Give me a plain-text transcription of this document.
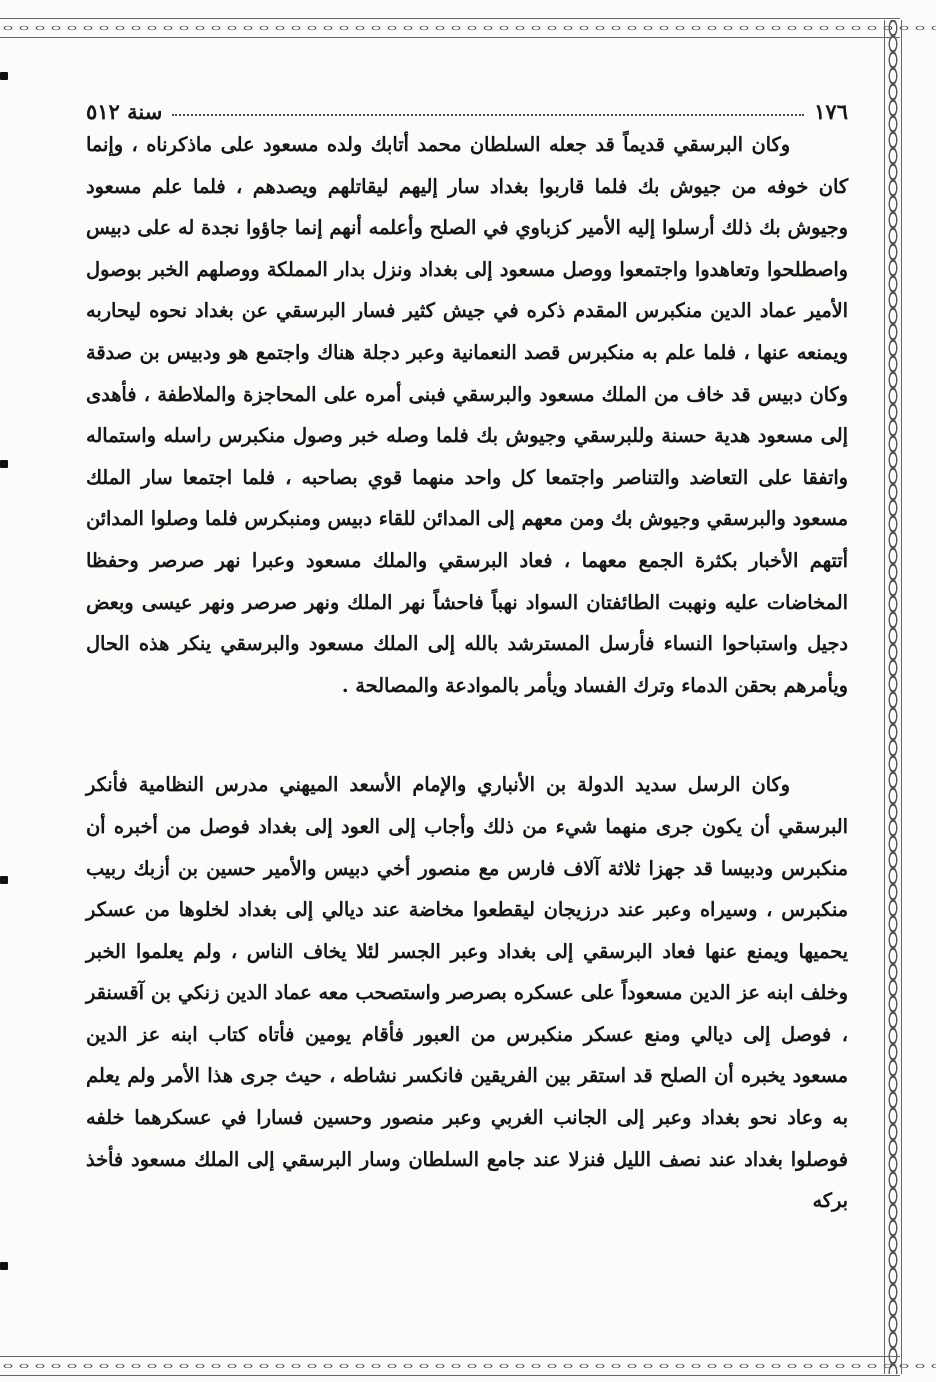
١٧٦
سنة ٥١٢

وكان البرسقي قديماً قد جعله السلطان محمد أتابك ولده مسعود على ماذكرناه ، وإنما كان خوفه من جيوش بك فلما قاربوا بغداد سار إليهم ليقاتلهم ويصدهم ، فلما علم مسعود وجيوش بك ذلك أرسلوا إليه الأمير كزباوي في الصلح وأعلمه أنهم إنما جاؤوا نجدة له على دبيس واصطلحوا وتعاهدوا واجتمعوا ووصل مسعود إلى بغداد ونزل بدار المملكة ووصلهم الخبر بوصول الأمير عماد الدين منكبرس المقدم ذكره في جيش كثير فسار البرسقي عن بغداد نحوه ليحاربه ويمنعه عنها ، فلما علم به منكبرس قصد النعمانية وعبر دجلة هناك واجتمع هو ودبيس بن صدقة وكان دبيس قد خاف من الملك مسعود والبرسقي فبنى أمره على المحاجزة والملاطفة ، فأهدى إلى مسعود هدية حسنة وللبرسقي وجيوش بك فلما وصله خبر وصول منكبرس راسله واستماله واتفقا على التعاضد والتناصر واجتمعا كل واحد منهما قوي بصاحبه ، فلما اجتمعا سار الملك مسعود والبرسقي وجيوش بك ومن معهم إلى المدائن للقاء دبيس ومنبكرس فلما وصلوا المدائن أتتهم الأخبار بكثرة الجمع معهما ، فعاد البرسقي والملك مسعود وعبرا نهر صرصر وحفظا المخاضات عليه ونهبت الطائفتان السواد نهباً فاحشاً نهر الملك ونهر صرصر ونهر عيسى وبعض دجيل واستباحوا النساء فأرسل المسترشد بالله إلى الملك مسعود والبرسقي ينكر هذه الحال ويأمرهم بحقن الدماء وترك الفساد ويأمر بالموادعة والمصالحة .

وكان الرسل سديد الدولة بن الأنباري والإمام الأسعد الميهني مدرس النظامية فأنكر البرسقي أن يكون جرى منهما شيء من ذلك وأجاب إلى العود إلى بغداد فوصل من أخبره أن منكبرس ودبيسا قد جهزا ثلاثة آلاف فارس مع منصور أخي دبيس والأمير حسين بن أزبك ربيب منكبرس ، وسيراه وعبر عند درزيجان ليقطعوا مخاضة عند ديالي إلى بغداد لخلوها من عسكر يحميها ويمنع عنها فعاد البرسقي إلى بغداد وعبر الجسر لئلا يخاف الناس ، ولم يعلموا الخبر وخلف ابنه عز الدين مسعوداً على عسكره بصرصر واستصحب معه عماد الدين زنكي بن آقسنقر ، فوصل إلى ديالي ومنع عسكر منكبرس من العبور فأقام يومين فأتاه كتاب ابنه عز الدين مسعود يخبره أن الصلح قد استقر بين الفريقين فانكسر نشاطه ، حيث جرى هذا الأمر ولم يعلم به وعاد نحو بغداد وعبر إلى الجانب الغربي وعبر منصور وحسين فسارا في عسكرهما خلفه فوصلوا بغداد عند نصف الليل فنزلا عند جامع السلطان وسار البرسقي إلى الملك مسعود فأخذ بركه
